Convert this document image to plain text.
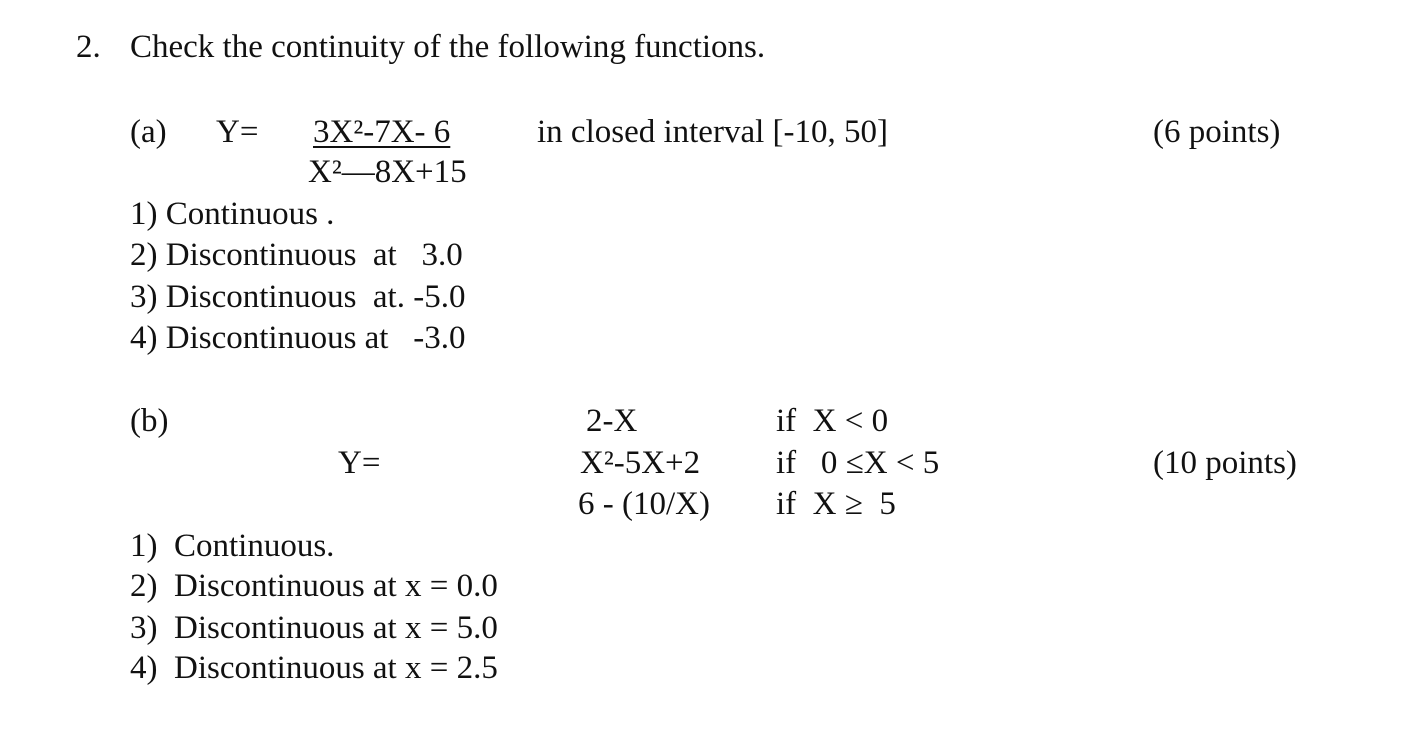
2. Check the continuity of the following functions.
(a) Y= 3X²-7X- 6
X²—8X+15
in closed interval [-10, 50]	(6 points)
1) Continuous .
2) Discontinuous  at   3.0
3) Discontinuous  at. -5.0
4) Discontinuous at   -3.0
(b)
Y=
2-X
X²-5X+2
6 - (10/X)
if  X < 0
if   0 ≤X < 5
if  X ≥  5
(10 points)
1)  Continuous.
2)  Discontinuous at x = 0.0
3)  Discontinuous at x = 5.0
4)  Discontinuous at x = 2.5
